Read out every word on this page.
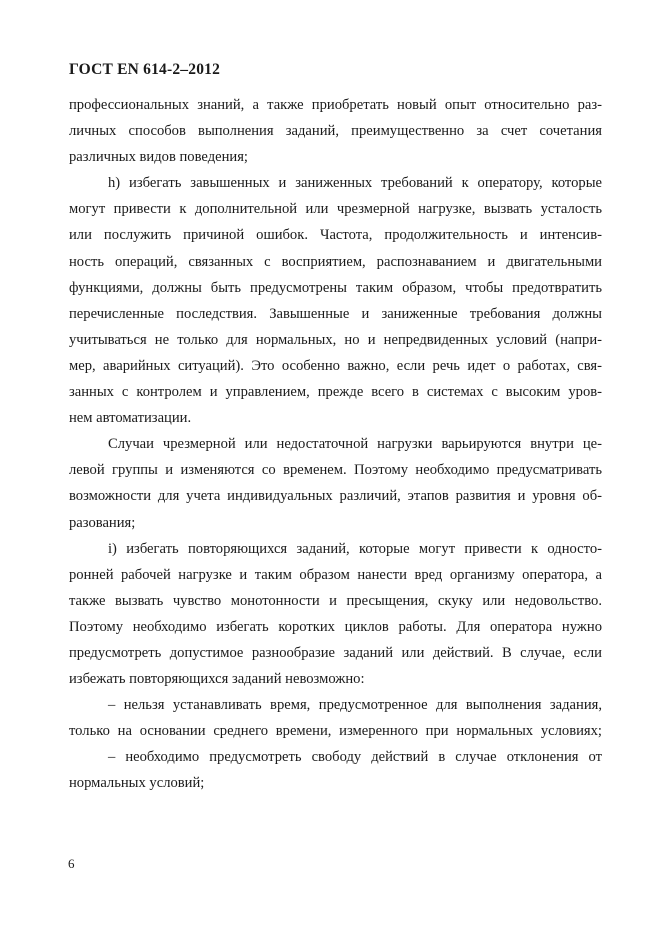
ГОСТ EN 614-2–2012
профессиональных знаний, а также приобретать новый опыт относительно раз-
личных способов выполнения заданий, преимущественно за счет сочетания
различных видов поведения;
h) избегать завышенных и заниженных требований к оператору, которые
могут привести к дополнительной или чрезмерной нагрузке, вызвать усталость
или послужить причиной ошибок. Частота, продолжительность и интенсив-
ность операций, связанных с восприятием, распознаванием и двигательными
функциями, должны быть предусмотрены таким образом, чтобы предотвратить
перечисленные последствия. Завышенные и заниженные требования должны
учитываться не только для нормальных, но и непредвиденных условий (напри-
мер, аварийных ситуаций). Это особенно важно, если речь идет о работах, свя-
занных с контролем и управлением, прежде всего в системах с высоким уров-
нем автоматизации.
Случаи чрезмерной или недостаточной нагрузки варьируются внутри це-
левой группы и изменяются со временем. Поэтому необходимо предусматривать
возможности для учета индивидуальных различий, этапов развития и уровня об-
разования;
i) избегать повторяющихся заданий, которые могут привести к односто-
ронней рабочей нагрузке и таким образом нанести вред организму оператора, а
также вызвать чувство монотонности и пресыщения, скуку или недовольство.
Поэтому необходимо избегать коротких циклов работы. Для оператора нужно
предусмотреть допустимое разнообразие заданий или действий. В случае, если
избежать повторяющихся заданий невозможно:
– нельзя устанавливать время, предусмотренное для выполнения задания,
только на основании среднего времени, измеренного при нормальных условиях;
– необходимо предусмотреть свободу действий в случае отклонения от
нормальных условий;
6
